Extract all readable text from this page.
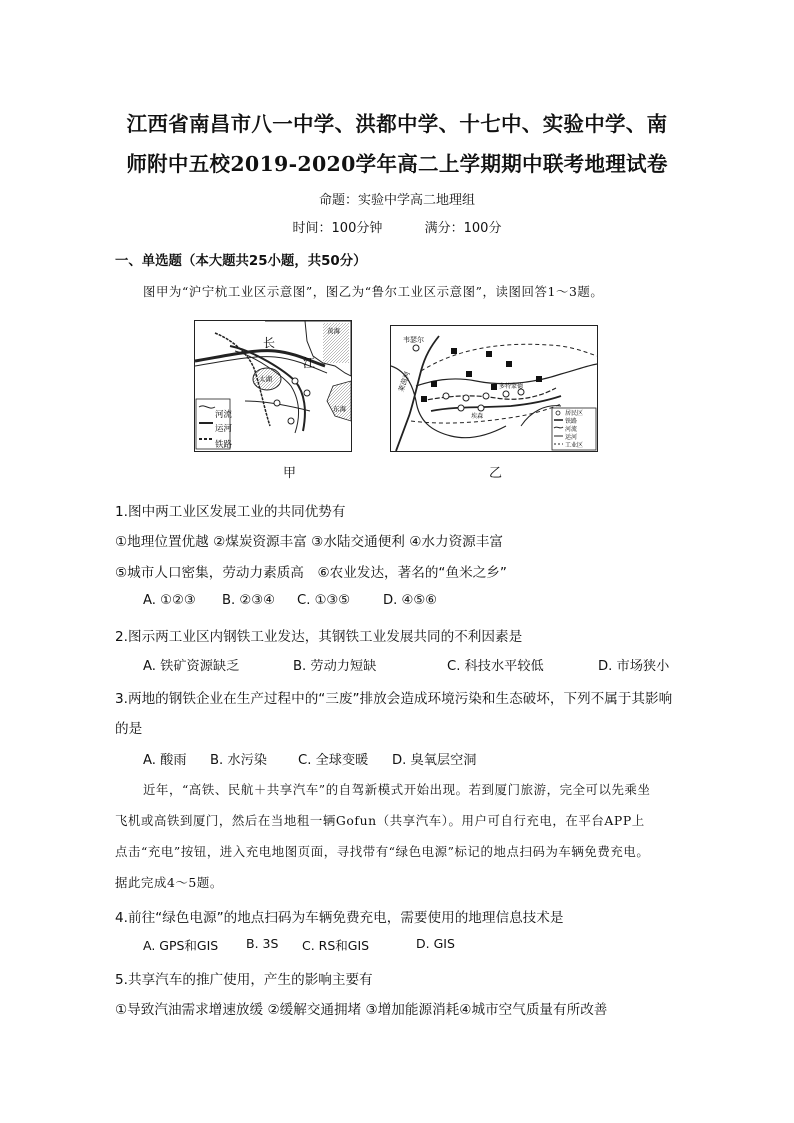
江西省南昌市八一中学、洪都中学、十七中、实验中学、南
师附中五校2019-2020学年高二上学期期中联考地理试卷
命题：实验中学高二地理组
时间：100分钟	满分：100分
一、单选题（本大题共25小题，共50分）
图甲为“沪宁杭工业区示意图”，图乙为“鲁尔工业区示意图”，读图回答1～3题。
黄海
长
江
太湖
东海
河流
运河
铁路
甲
韦瑟尔
莱茵河	多特蒙德
埃森	居民区
铁路
河流
运河
工业区
乙
1.图中两工业区发展工业的共同优势有
①地理位置优越 ②煤炭资源丰富 ③水陆交通便利 ④水力资源丰富
⑤城市人口密集，劳动力素质高　⑥农业发达，著名的“鱼米之乡”
A. ①②③ B. ②③④ C. ①③⑤ D. ④⑤⑥
2.图示两工业区内钢铁工业发达，其钢铁工业发展共同的不利因素是
A. 铁矿资源缺乏	B. 劳动力短缺	C. 科技水平较低	D. 市场狭小
3.两地的钢铁企业在生产过程中的“三废”排放会造成环境污染和生态破坏，下列不属于其影响
的是
A. 酸雨 B. 水污染 C. 全球变暖 D. 臭氧层空洞
近年，“高铁、民航＋共享汽车”的自驾新模式开始出现。若到厦门旅游，完全可以先乘坐
飞机或高铁到厦门，然后在当地租一辆Gofun（共享汽车）。用户可自行充电，在平台APP上
点击“充电”按钮，进入充电地图页面，寻找带有“绿色电源”标记的地点扫码为车辆免费充电。
据此完成4～5题。
4.前往“绿色电源”的地点扫码为车辆免费充电，需要使用的地理信息技术是
A. GPS和GIS B. 3S C. RS和GIS	D. GIS
5.共享汽车的推广使用，产生的影响主要有
①导致汽油需求增速放缓 ②缓解交通拥堵 ③增加能源消耗④城市空气质量有所改善
